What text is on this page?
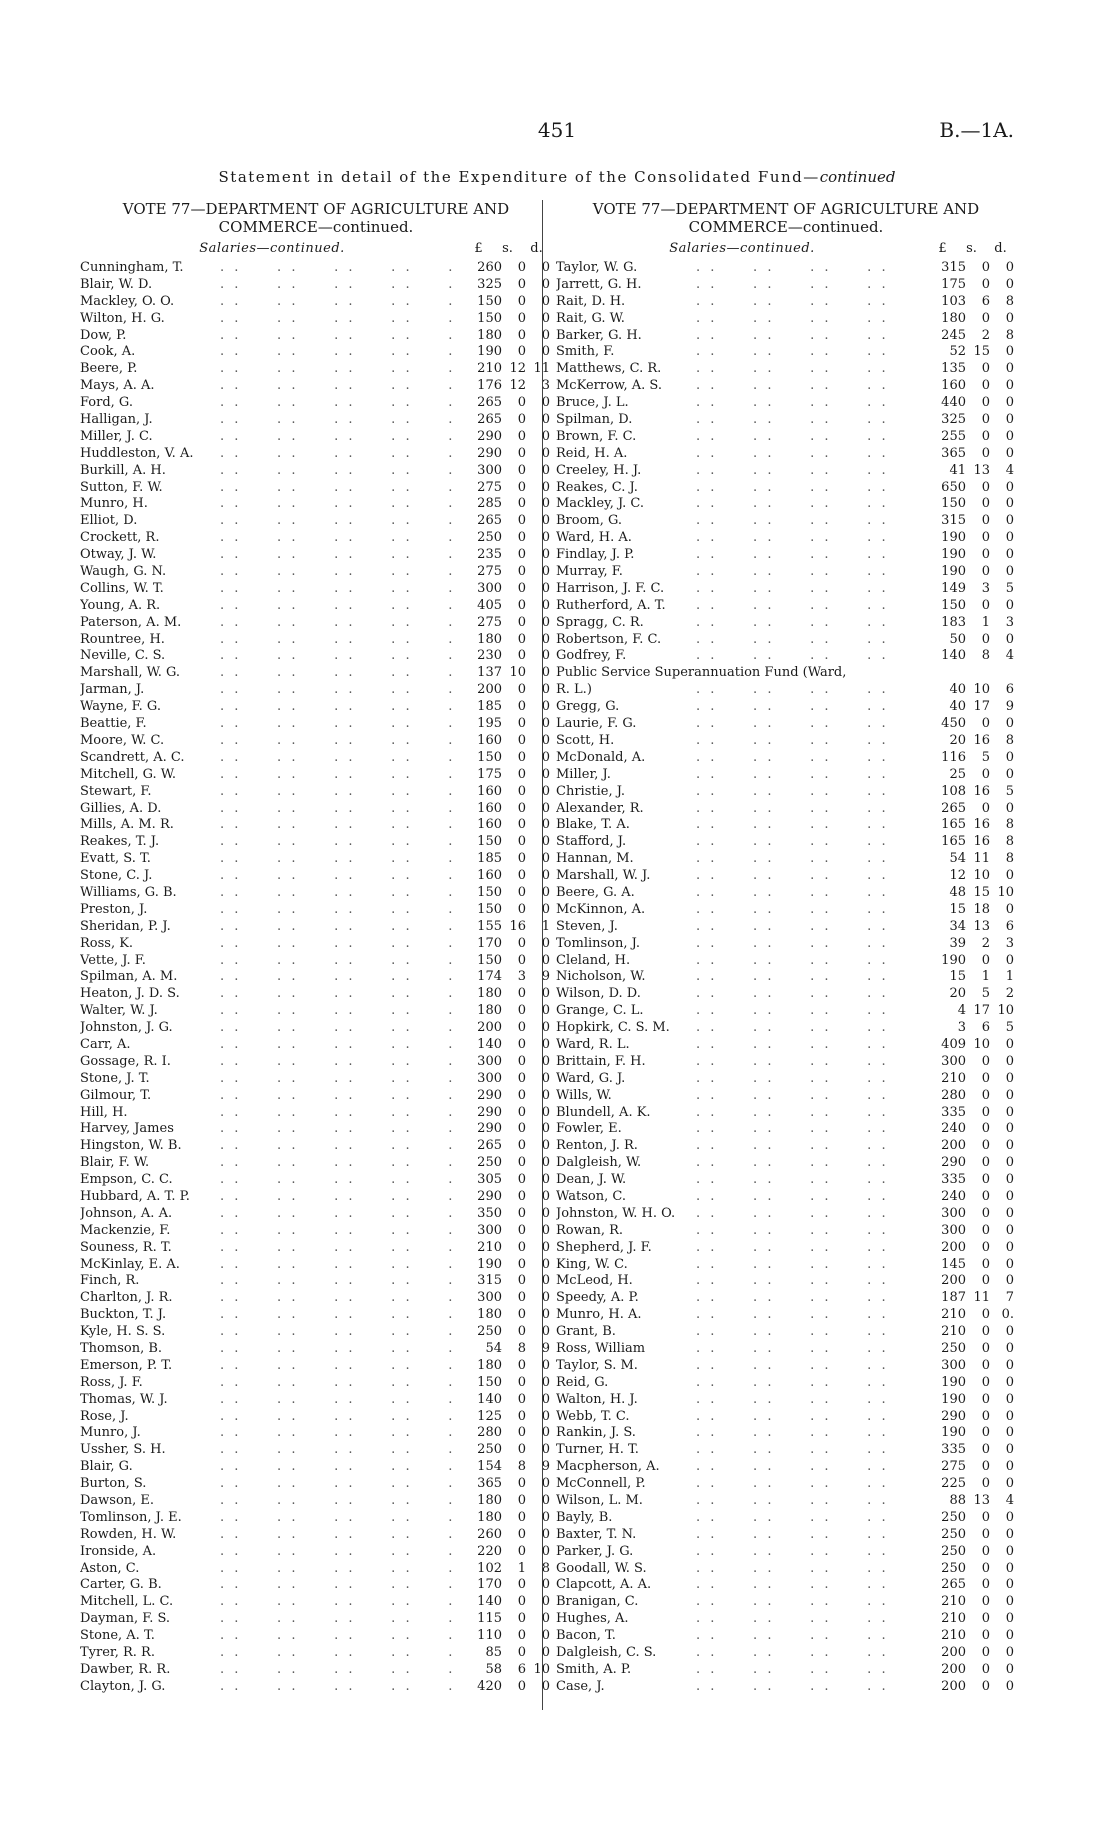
451	B.—1A.
Statement in detail of the Expenditure of the Consolidated Fund—continued
VOTE 77—DEPARTMENT OF AGRICULTURE AND COMMERCE—continued.
Salaries—continued.	£	s.	d.
Cunningham, T. . .	260	0	0
Blair, W. D. . .	325	0	0
Mackley, O. O. . .	150	0	0
Wilton, H. G. . .	150	0	0
Dow, P. . .	180	0	0
Cook, A. . .	190	0	0
Beere, P. . .	210 12 11
Mays, A. A. . .	176 12	3
Ford, G. . .	265	0	0
Halligan, J. . .	265	0	0
Miller, J. C. . .	290	0	0
Huddleston, V. A. . .	290	0	0
Burkill, A. H. . .	300	0	0
Sutton, F. W. . .	275	0	0
Munro, H. . .	285	0	0
Elliot, D. . .	265	0	0
Crockett, R. . .	250	0	0
Otway, J. W. . .	235	0	0
Waugh, G. N. . .	275	0	0
Collins, W. T. . .	300	0	0
Young, A. R. . .	405	0	0
Paterson, A. M. . .	275	0	0
Rountree, H. . .	180	0	0
Neville, C. S. . .	230	0	0
Marshall, W. G. . .	137 10	0
Jarman, J. . .	200	0	0
Wayne, F. G. . .	185	0	0
Beattie, F. . .	195	0	0
Moore, W. C. . .	160	0	0
Scandrett, A. C. . .	150	0	0
Mitchell, G. W. . .	175	0	0
Stewart, F. . .	160	0	0
Gillies, A. D. . .	160	0	0
Mills, A. M. R. . .	160	0	0
Reakes, T. J. . .	150	0	0
Evatt, S. T. . .	185	0	0
Stone, C. J. . .	160	0	0
Williams, G. B. . .	150	0	0
Preston, J. . .	150	0	0
Sheridan, P. J. . .	155 16	1
Ross, K. . .	170	0	0
Vette, J. F. . .	150	0	0
Spilman, A. M. . .	174	3	9
Heaton, J. D. S. . .	180	0	0
Walter, W. J. . .	180	0	0
Johnston, J. G. . .	200	0	0
Carr, A. . .	140	0	0
Gossage, R. I. . .	300	0	0
Stone, J. T. . .	300	0	0
Gilmour, T. . .	290	0	0
Hill, H. . .	290	0	0
Harvey, James . .	290	0	0
Hingston, W. B. . .	265	0	0
Blair, F. W. . .	250	0	0
Empson, C. C. . .	305	0	0
Hubbard, A. T. P. . .	290	0	0
Johnson, A. A. . .	350	0	0
Mackenzie, F. . .	300	0	0
Souness, R. T. . .	210	0	0
McKinlay, E. A. . .	190	0	0
Finch, R. . .	315	0	0
Charlton, J. R. . .	300	0	0
Buckton, T. J. . .	180	0	0
Kyle, H. S. S. . .	250	0	0
Thomson, B. . .	54	8	9
Emerson, P. T. . .	180	0	0
Ross, J. F. . .	150	0	0
Thomas, W. J. . .	140	0	0
Rose, J. . .	125	0	0
Munro, J. . .	280	0	0
Ussher, S. H. . .	250	0	0
Blair, G. . .	154	8	9
Burton, S. . .	365	0	0
Dawson, E. . .	180	0	0
Tomlinson, J. E. . .	180	0	0
Rowden, H. W. . .	260	0	0
Ironside, A. . .	220	0	0
Aston, C. . .	102	1	8
Carter, G. B. . .	170	0	0
Mitchell, L. C. . .	140	0	0
Dayman, F. S. . .	115	0	0
Stone, A. T. . .	110	0	0
Tyrer, R. R. . .	85	0	0
Dawber, R. R. . .	58	6 10
Clayton, J. G. . .	420	0	0
VOTE 77—DEPARTMENT OF AGRICULTURE AND COMMERCE—continued.
Salaries—continued.	£	s.	d.
Taylor, W. G. . .	315	0	0
Jarrett, G. H. . .	175	0	0
Rait, D. H. . .	103	6	8
Rait, G. W. . .	180	0	0
Barker, G. H. . .	245	2	8
Smith, F. . .	52 15	0
Matthews, C. R. . .	135	0	0
McKerrow, A. S. . .	160	0	0
Bruce, J. L. . .	440	0	0
Spilman, D. . .	325	0	0
Brown, F. C. . .	255	0	0
Reid, H. A. . .	365	0	0
Creeley, H. J. . .	41 13	4
Reakes, C. J. . .	650	0	0
Mackley, J. C. . .	150	0	0
Broom, G. . .	315	0	0
Ward, H. A. . .	190	0	0
Findlay, J. P. . .	190	0	0
Murray, F. . .	190	0	0
Harrison, J. F. C. . .	149	3	5
Rutherford, A. T. . .	150	0	0
Spragg, C. R. . .	183	1	3
Robertson, F. C. . .	50	0	0
Godfrey, F. . .	140	8	4
Public Service Superannuation Fund (Ward,
R. L.) . .	40 10	6
Gregg, G. . .	40 17	9
Laurie, F. G. . .	450	0	0
Scott, H. . .	20 16	8
McDonald, A. . .	116	5	0
Miller, J. . .	25	0	0
Christie, J. . .	108 16	5
Alexander, R. . .	265	0	0
Blake, T. A. . .	165 16	8
Stafford, J. . .	165 16	8
Hannan, M. . .	54 11	8
Marshall, W. J. . .	12 10	0
Beere, G. A. . .	48 15 10
McKinnon, A. . .	15 18	0
Steven, J. . .	34 13	6
Tomlinson, J. . .	39	2	3
Cleland, H. . .	190	0	0
Nicholson, W. . .	15	1	1
Wilson, D. D. . .	20	5	2
Grange, C. L. . .	4 17 10
Hopkirk, C. S. M. . .	3	6	5
Ward, R. L. . .	409 10	0
Brittain, F. H. . .	300	0	0
Ward, G. J. . .	210	0	0
Wills, W. . .	280	0	0
Blundell, A. K. . .	335	0	0
Fowler, E. . .	240	0	0
Renton, J. R. . .	200	0	0
Dalgleish, W. . .	290	0	0
Dean, J. W. . .	335	0	0
Watson, C. . .	240	0	0
Johnston, W. H. O. . .	300	0	0
Rowan, R. . .	300	0	0
Shepherd, J. F. . .	200	0	0
King, W. C. . .	145	0	0
McLeod, H. . .	200	0	0
Speedy, A. P. . .	187 11	7
Munro, H. A. . .	210	0 0.
Grant, B. . .	210	0	0
Ross, William . .	250	0	0
Taylor, S. M. . .	300	0	0
Reid, G. . .	190	0	0
Walton, H. J. . .	190	0	0
Webb, T. C. . .	290	0	0
Rankin, J. S. . .	190	0	0
Turner, H. T. . .	335	0	0
Macpherson, A. . .	275	0	0
McConnell, P. . .	225	0	0
Wilson, L. M. . .	88 13	4
Bayly, B. . .	250	0	0
Baxter, T. N. . .	250	0	0
Parker, J. G. . .	250	0	0
Goodall, W. S. . .	250	0	0
Clapcott, A. A. . .	265	0	0
Branigan, C. . .	210	0	0
Hughes, A. . .	210	0	0
Bacon, T. . .	210	0	0
Dalgleish, C. S. . .	200	0	0
Smith, A. P. . .	200	0	0
Case, J. . .	200	0	0
